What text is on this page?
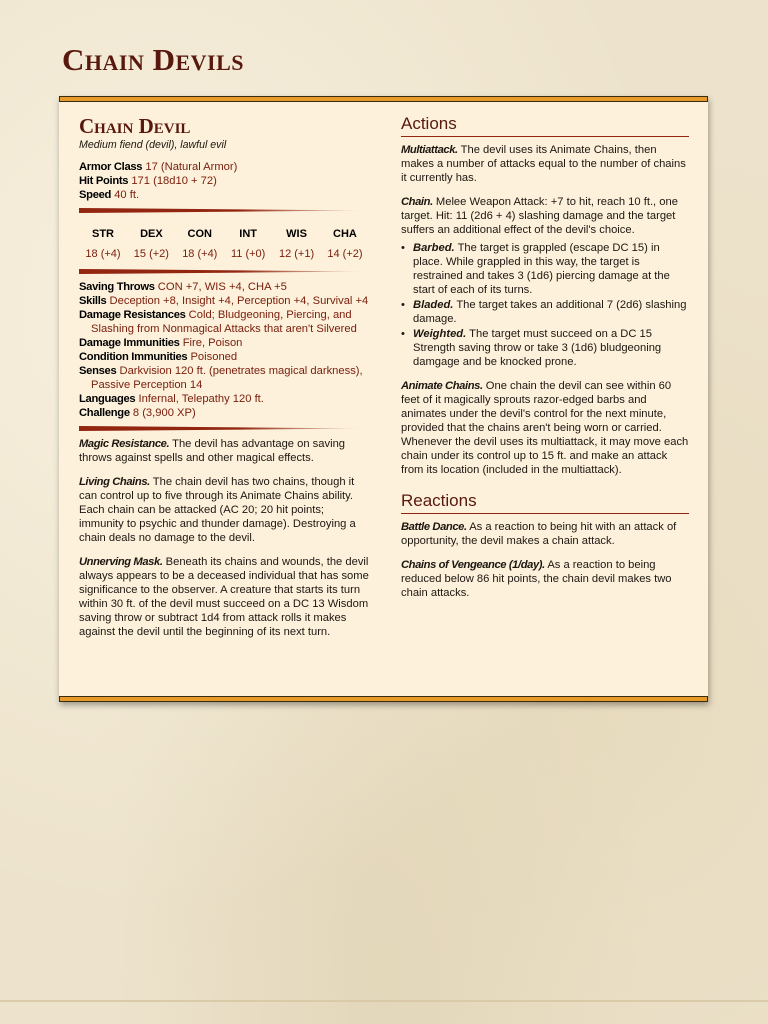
Chain Devils
Chain Devil
Medium fiend (devil), lawful evil
Armor Class 17 (Natural Armor)
Hit Points 171 (18d10 + 72)
Speed 40 ft.
STR
18 (+4)
DEX
15 (+2)
CON
18 (+4)
INT
11 (+0)
WIS
12 (+1)
CHA
14 (+2)
Saving Throws CON +7, WIS +4, CHA +5
Skills Deception +8, Insight +4, Perception +4, Survival +4
Damage Resistances Cold; Bludgeoning, Piercing, and Slashing from Nonmagical Attacks that aren't Silvered
Damage Immunities Fire, Poison
Condition Immunities Poisoned
Senses Darkvision 120 ft. (penetrates magical darkness), Passive Perception 14
Languages Infernal, Telepathy 120 ft.
Challenge 8 (3,900 XP)
Magic Resistance. The devil has advantage on saving throws against spells and other magical effects.
Living Chains. The chain devil has two chains, though it can control up to five through its Animate Chains ability. Each chain can be attacked (AC 20; 20 hit points; immunity to psychic and thunder damage). Destroying a chain deals no damage to the devil.
Unnerving Mask. Beneath its chains and wounds, the devil always appears to be a deceased individual that has some significance to the observer. A creature that starts its turn within 30 ft. of the devil must succeed on a DC 13 Wisdom saving throw or subtract 1d4 from attack rolls it makes against the devil until the beginning of its next turn.
Actions
Multiattack. The devil uses its Animate Chains, then makes a number of attacks equal to the number of chains it currently has.
Chain. Melee Weapon Attack: +7 to hit, reach 10 ft., one target. Hit: 11 (2d6 + 4) slashing damage and the target suffers an additional effect of the devil's choice.
• Barbed. The target is grappled (escape DC 15) in place. While grappled in this way, the target is restrained and takes 3 (1d6) piercing damage at the start of each of its turns.
• Bladed. The target takes an additional 7 (2d6) slashing damage.
• Weighted. The target must succeed on a DC 15 Strength saving throw or take 3 (1d6) bludgeoning damgage and be knocked prone.
Animate Chains. One chain the devil can see within 60 feet of it magically sprouts razor-edged barbs and animates under the devil's control for the next minute, provided that the chains aren't being worn or carried. Whenever the devil uses its multiattack, it may move each chain under its control up to 15 ft. and make an attack from its location (included in the multiattack).
Reactions
Battle Dance. As a reaction to being hit with an attack of opportunity, the devil makes a chain attack.
Chains of Vengeance (1/day). As a reaction to being reduced below 86 hit points, the chain devil makes two chain attacks.
